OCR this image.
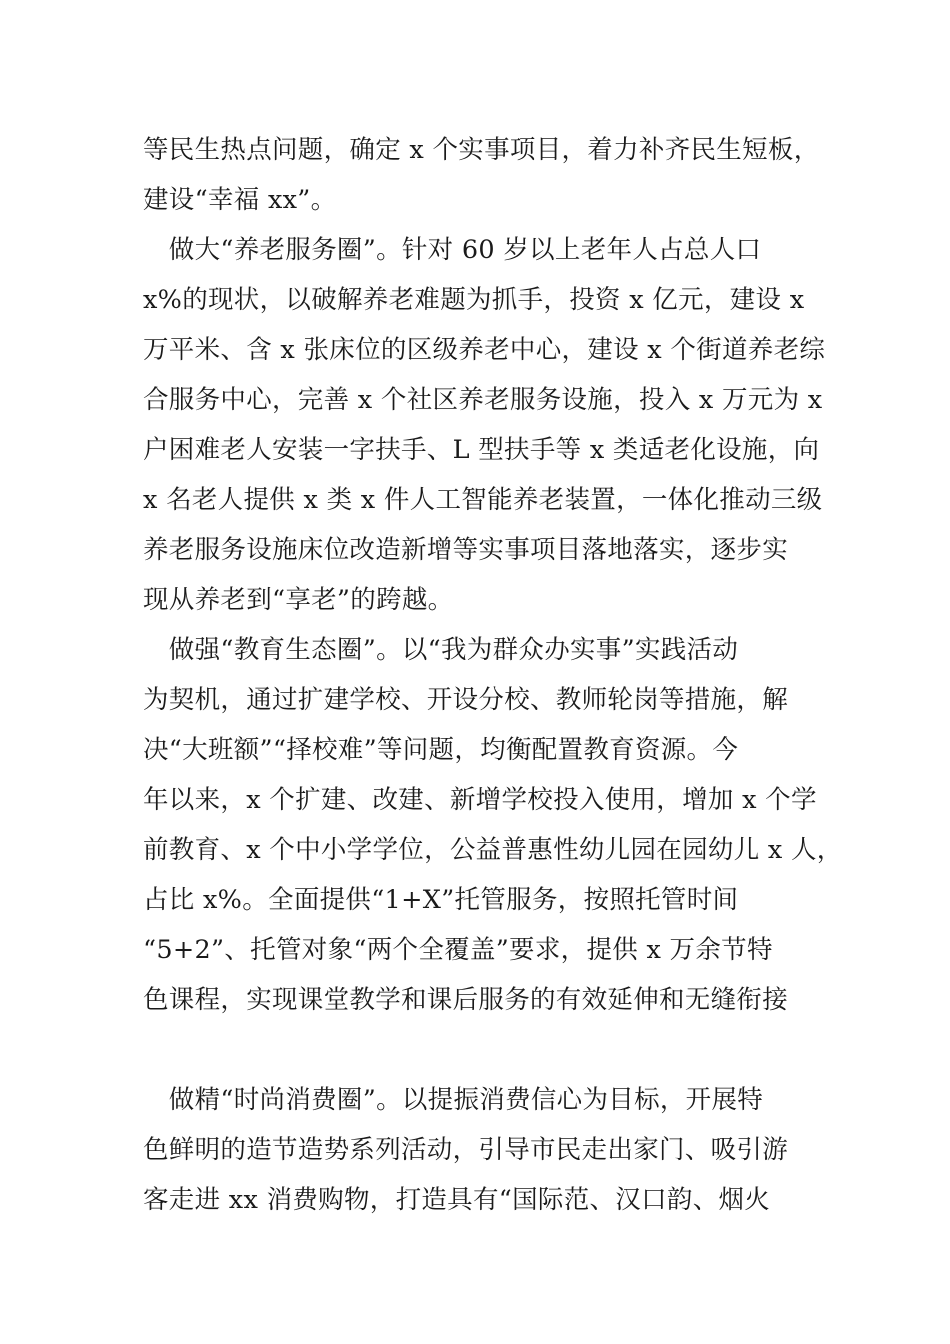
等民生热点问题，确定 x 个实事项目，着力补齐民生短板，
建设“幸福 xx”。
　做大“养老服务圈”。针对 60 岁以上老年人占总人口
x%的现状，以破解养老难题为抓手，投资 x 亿元，建设 x
万平米、含 x 张床位的区级养老中心，建设 x 个街道养老综
合服务中心，完善 x 个社区养老服务设施，投入 x 万元为 x
户困难老人安装一字扶手、L 型扶手等 x 类适老化设施，向
x 名老人提供 x 类 x 件人工智能养老装置，一体化推动三级
养老服务设施床位改造新增等实事项目落地落实，逐步实
现从养老到“享老”的跨越。
　做强“教育生态圈”。以“我为群众办实事”实践活动
为契机，通过扩建学校、开设分校、教师轮岗等措施，解
决“大班额”“择校难”等问题，均衡配置教育资源。今
年以来，x 个扩建、改建、新增学校投入使用，增加 x 个学
前教育、x 个中小学学位，公益普惠性幼儿园在园幼儿 x 人，
占比 x%。全面提供“1+X”托管服务，按照托管时间
“5+2”、托管对象“两个全覆盖”要求，提供 x 万余节特
色课程，实现课堂教学和课后服务的有效延伸和无缝衔接
　做精“时尚消费圈”。以提振消费信心为目标，开展特
色鲜明的造节造势系列活动，引导市民走出家门、吸引游
客走进 xx 消费购物，打造具有“国际范、汉口韵、烟火
